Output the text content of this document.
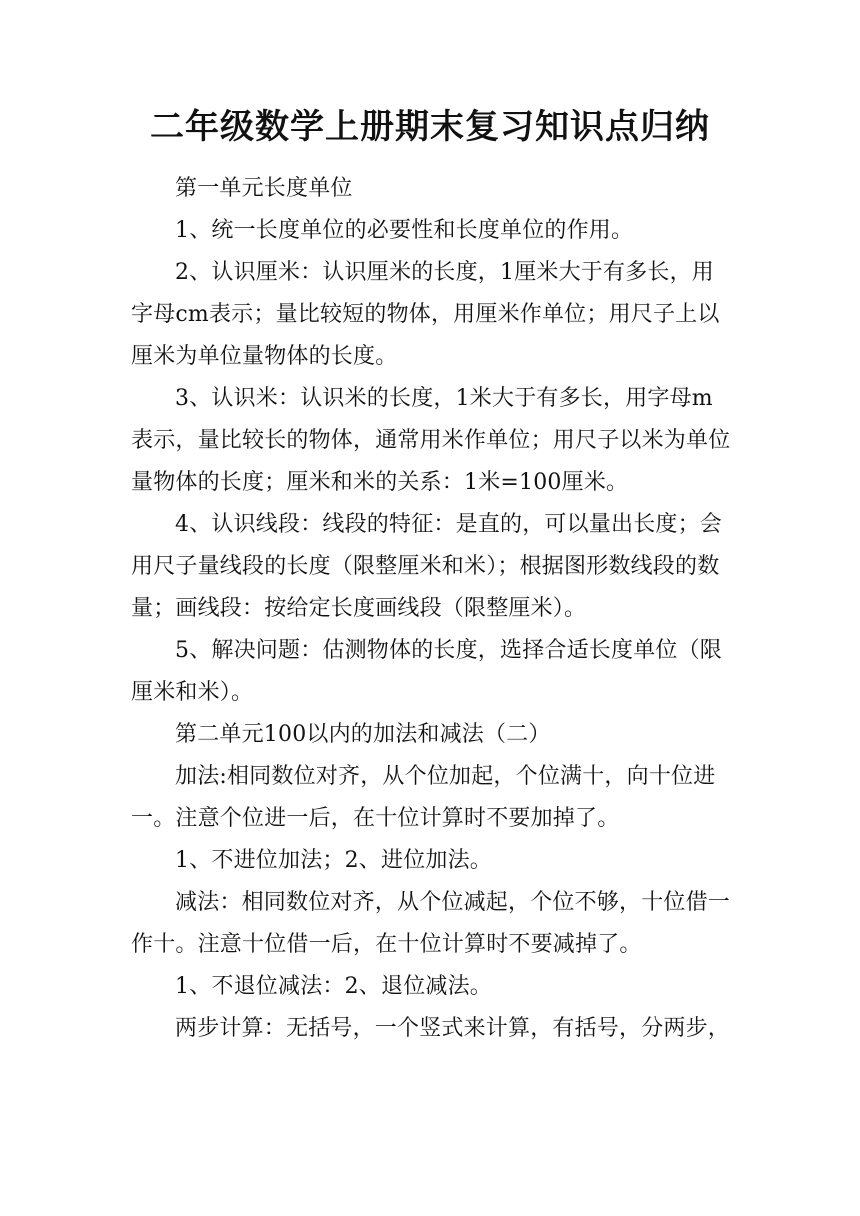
二年级数学上册期末复习知识点归纳

第一单元长度单位

1、统一长度单位的必要性和长度单位的作用。

2、认识厘米：认识厘米的长度，1厘米大于有多长，用字母cm表示；量比较短的物体，用厘米作单位；用尺子上以厘米为单位量物体的长度。

3、认识米：认识米的长度，1米大于有多长，用字母m表示，量比较长的物体，通常用米作单位；用尺子以米为单位量物体的长度；厘米和米的关系：1米=100厘米。

4、认识线段：线段的特征：是直的，可以量出长度；会用尺子量线段的长度（限整厘米和米）；根据图形数线段的数量；画线段：按给定长度画线段（限整厘米）。

5、解决问题：估测物体的长度，选择合适长度单位（限厘米和米）。

第二单元100以内的加法和减法（二）

加法:相同数位对齐，从个位加起，个位满十，向十位进一。注意个位进一后，在十位计算时不要加掉了。

1、不进位加法；2、进位加法。

减法：相同数位对齐，从个位减起，个位不够，十位借一作十。注意十位借一后，在十位计算时不要减掉了。

1、不退位减法：2、退位减法。

两步计算：无括号，一个竖式来计算，有括号，分两步，
